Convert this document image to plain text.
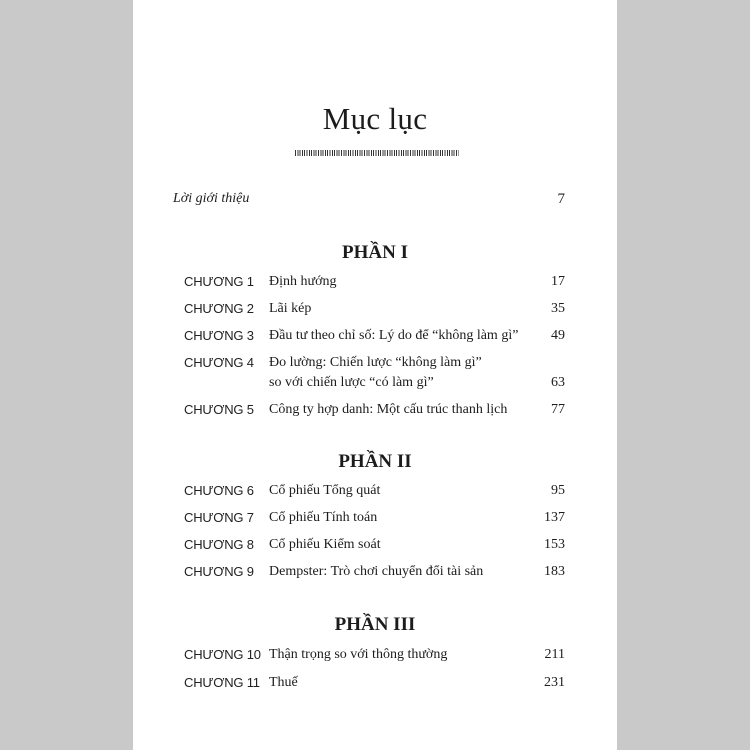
Mục lục
Lời giới thiệu	7
PHẦN I
CHƯƠNG 1 Định hướng	17
CHƯƠNG 2 Lãi kép	35
CHƯƠNG 3 Đầu tư theo chỉ số: Lý do để “không làm gì”	49
CHƯƠNG 4 Đo lường: Chiến lược “không làm gì”
so với chiến lược “có làm gì”	63
CHƯƠNG 5 Công ty hợp danh: Một cấu trúc thanh lịch	77
PHẦN II
CHƯƠNG 6 Cổ phiếu Tổng quát	95
CHƯƠNG 7 Cổ phiếu Tính toán	137
CHƯƠNG 8 Cổ phiếu Kiểm soát	153
CHƯƠNG 9 Dempster: Trò chơi chuyển đổi tài sản	183
PHẦN III
CHƯƠNG 10 Thận trọng so với thông thường	211
CHƯƠNG 11 Thuế	231
